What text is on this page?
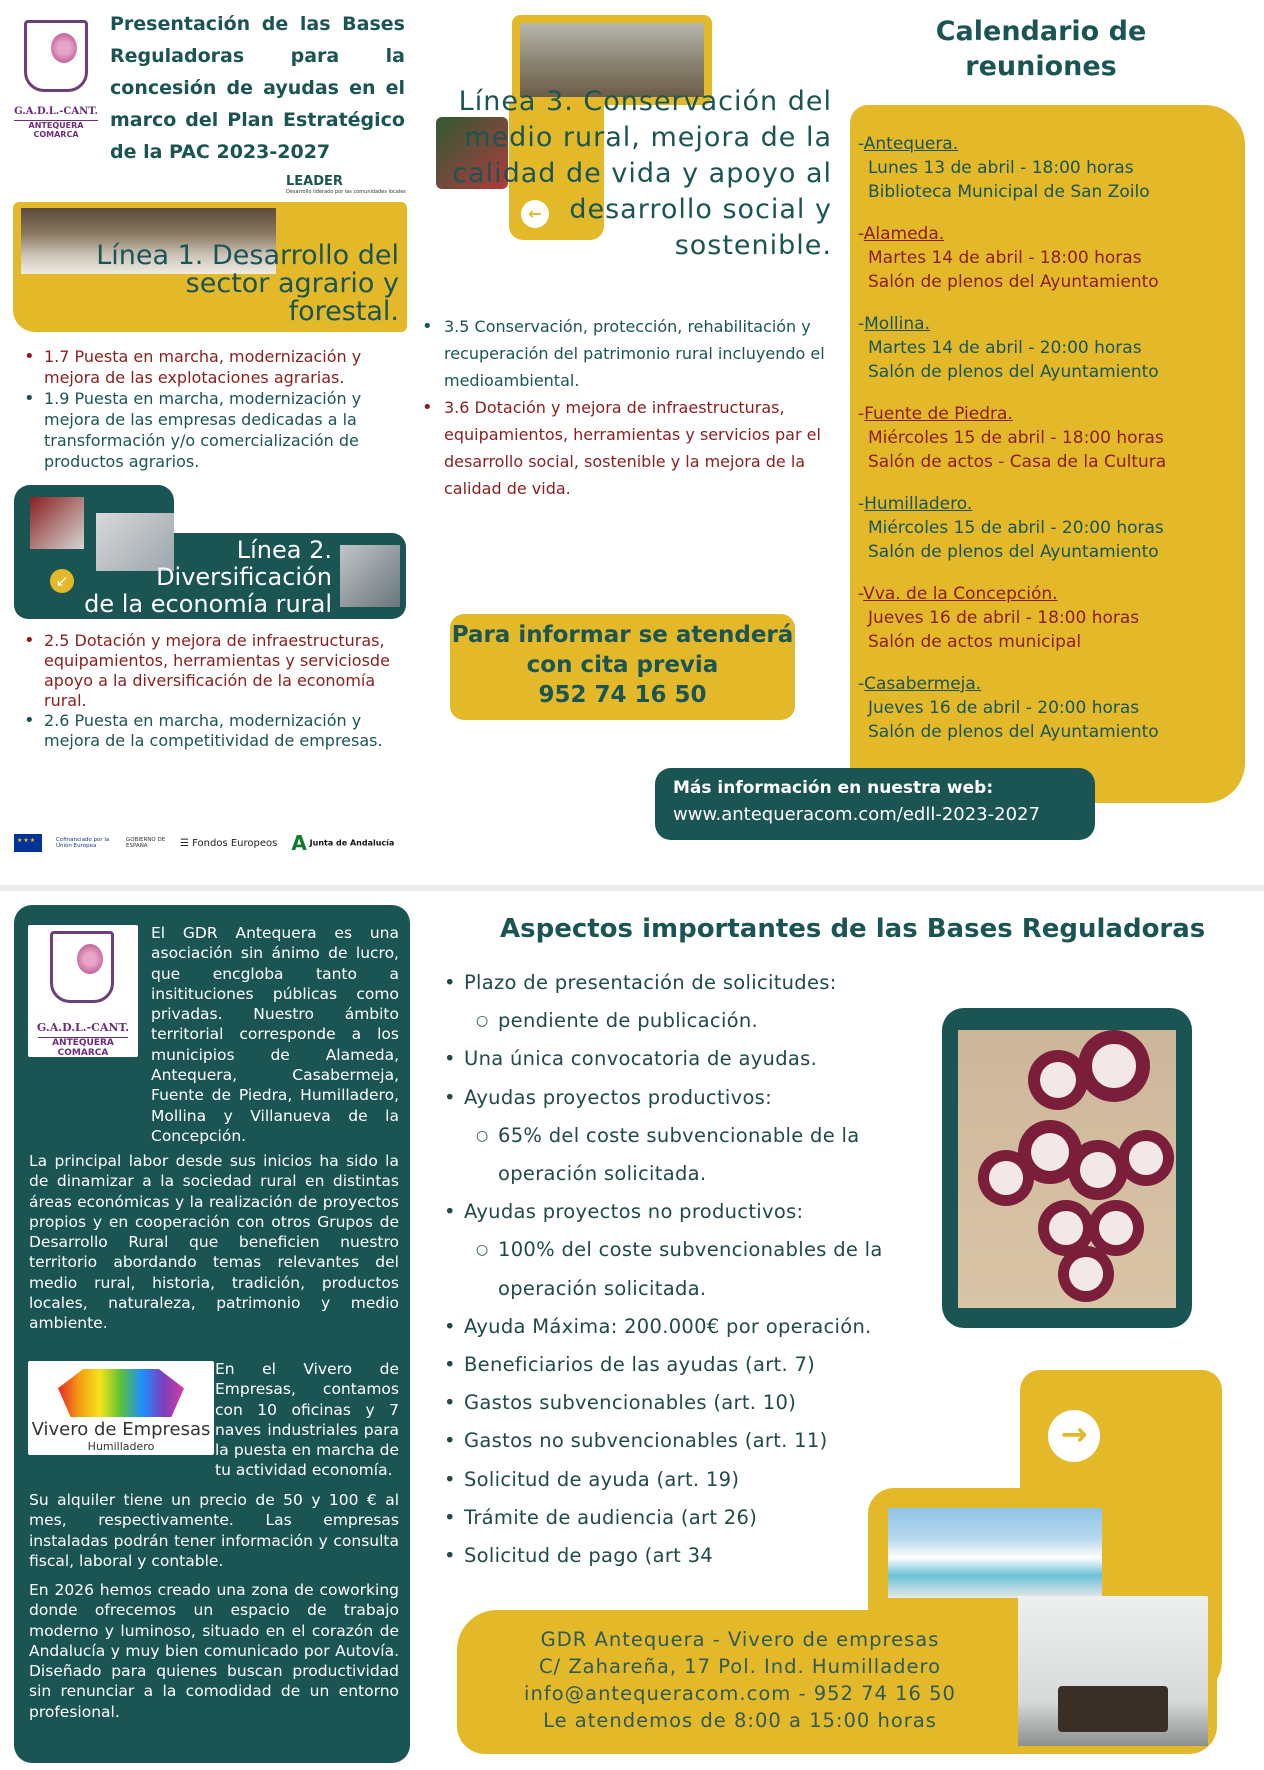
G.A.D.L.-CANT.
ANTEQUERA COMARCA
Presentación de las Bases Reguladoras para la concesión de ayudas en el marco del Plan Estratégico de la PAC 2023-2027
LEADER
Desarrollo liderado por las comunidades locales
Línea 1. Desarrollo del sector agrario y forestal.
• 1.7 Puesta en marcha, modernización y mejora de las explotaciones agrarias.
• 1.9 Puesta en marcha, modernización y mejora de las empresas dedicadas a la transformación y/o comercialización de productos agrarios.
Línea 2.
Diversificación
de la economía rural
↙
• 2.5 Dotación y mejora de infraestructuras, equipamientos, herramientas y serviciosde apoyo a la diversificación de la economía rural.
• 2.6 Puesta en marcha, modernización y mejora de la competitividad de empresas.
★★★
Cofinanciado por la Unión Europea
GOBIERNO DE ESPAÑA	☰ Fondos Europeos A Junta de Andalucía
←
Línea 3. Conservación del medio rural, mejora de la calidad de vida y apoyo al desarrollo social y sostenible.
• 3.5 Conservación, protección, rehabilitación y recuperación del patrimonio rural incluyendo el medioambiental.
• 3.6 Dotación y mejora de infraestructuras, equipamientos, herramientas y servicios par el desarrollo social, sostenible y la mejora de la calidad de vida.
Para informar se atenderá
con cita previa
952 74 16 50
Calendario de reuniones
-Antequera.
Lunes 13 de abril - 18:00 horas
Biblioteca Municipal de San Zoilo
-Alameda.
Martes 14 de abril - 18:00 horas
Salón de plenos del Ayuntamiento
-Mollina.
Martes 14 de abril - 20:00 horas
Salón de plenos del Ayuntamiento
-Fuente de Piedra.
Miércoles 15 de abril - 18:00 horas
Salón de actos - Casa de la Cultura
-Humilladero.
Miércoles 15 de abril - 20:00 horas
Salón de plenos del Ayuntamiento
-Vva. de la Concepción.
Jueves 16 de abril - 18:00 horas
Salón de actos municipal
-Casabermeja.
Jueves 16 de abril - 20:00 horas
Salón de plenos del Ayuntamiento
Más información en nuestra web:
www.antequeracom.com/edll-2023-2027
G.A.D.L.-CANT.
ANTEQUERA COMARCA
El GDR Antequera es una asociación sin ánimo de lucro, que encgloba tanto a insitituciones públicas como privadas. Nuestro ámbito territorial corresponde a los municipios de Alameda, Antequera, Casabermeja, Fuente de Piedra, Humilladero, Mollina y Villanueva de la Concepción.
La principal labor desde sus inicios ha sido la de dinamizar a la sociedad rural en distintas áreas económicas y la realización de proyectos propios y en cooperación con otros Grupos de Desarrollo Rural que beneficien nuestro territorio abordando temas relevantes del medio rural, historia, tradición, productos locales, naturaleza, patrimonio y medio ambiente.
Vivero de Empresas
Humilladero
En el Vivero de Empresas, contamos con 10 oficinas y 7 naves industriales para la puesta en marcha de tu actividad economía.
Su alquiler tiene un precio de 50 y 100 € al mes, respectivamente. Las empresas instaladas podrán tener información y consulta fiscal, laboral y contable.
En 2026 hemos creado una zona de coworking donde ofrecemos un espacio de trabajo moderno y luminoso, situado en el corazón de Andalucía y muy bien comunicado por Autovía. Diseñado para quienes buscan productividad sin renunciar a la comodidad de un entorno profesional.
Aspectos importantes de las Bases Reguladoras
• Plazo de presentación de solicitudes:
○ pendiente de publicación.
• Una única convocatoria de ayudas.
• Ayudas proyectos productivos:
○ 65% del coste subvencionable de la
operación solicitada.
• Ayudas proyectos no productivos:
○ 100% del coste subvencionables de la
operación solicitada.
• Ayuda Máxima: 200.000€ por operación.
• Beneficiarios de las ayudas (art. 7)
• Gastos subvencionables (art. 10)
• Gastos no subvencionables (art. 11)
• Solicitud de ayuda (art. 19)
• Trámite de audiencia (art 26)
• Solicitud de pago (art 34
→
GDR Antequera - Vivero de empresas
C/ Zahareña, 17 Pol. Ind. Humilladero
info@antequeracom.com - 952 74 16 50
Le atendemos de 8:00 a 15:00 horas
